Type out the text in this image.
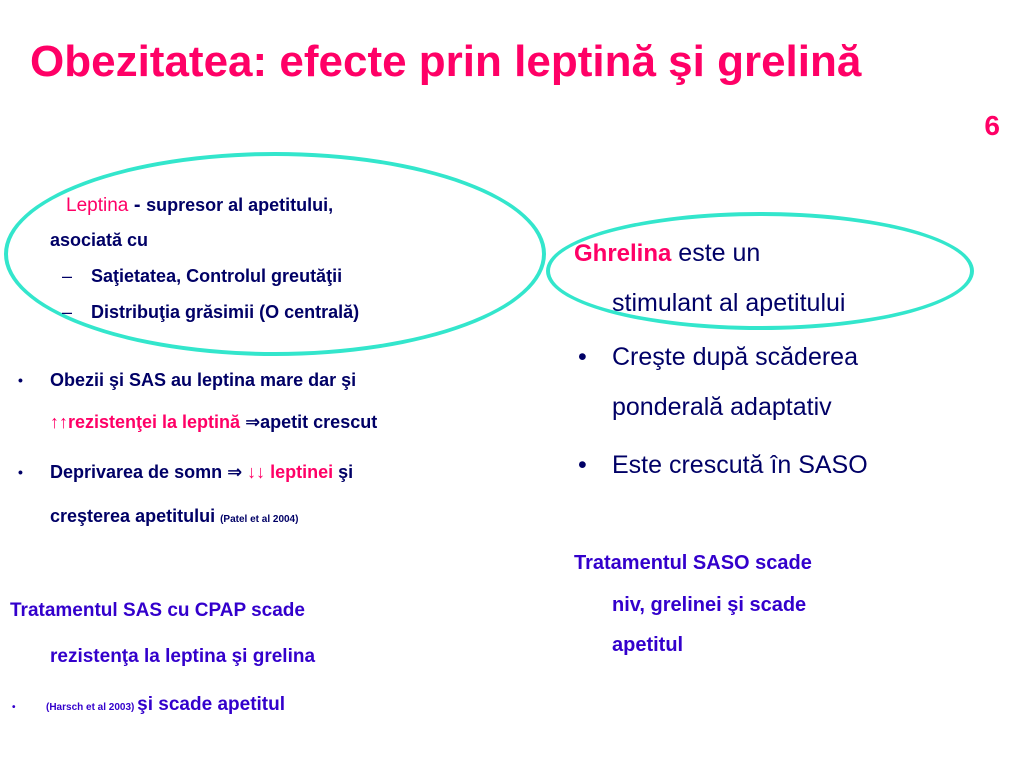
Obezitatea: efecte prin leptină şi grelină
6
Leptina - supresor al apetitului,
asociată cu
– Saţietatea, Controlul greutăţii
– Distribuţia grăsimii (O centrală)
• Obezii şi SAS au leptina mare dar şi
↑↑rezistenţei la leptină ⇒apetit crescut
• Deprivarea de somn ⇒ ↓↓ leptinei şi
creşterea apetitului (Patel et al 2004)
Tratamentul SAS cu CPAP scade
rezistenţa la leptina şi grelina
•	(Harsch et al 2003) şi scade apetitul
Ghrelina este un
stimulant al apetitului
• Creşte după scăderea
ponderală adaptativ
• Este crescută în SASO
Tratamentul SASO scade
niv, grelinei şi scade
apetitul
